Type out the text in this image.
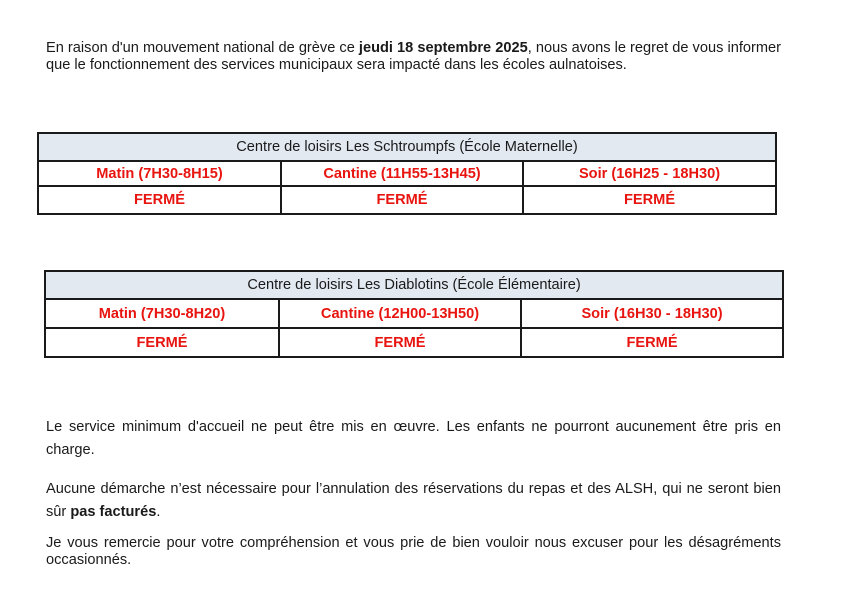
En raison d'un mouvement national de grève ce jeudi 18 septembre 2025, nous avons le regret de vous informer que le fonctionnement des services municipaux sera impacté dans les écoles aulnatoises.

Centre de loisirs Les Schtroumpfs (École Maternelle)		
Matin (7H30-8H15)	Cantine (11H55-13H45)	Soir (16H25 - 18H30)
FERMÉ	FERMÉ	FERMÉ
Centre de loisirs Les Diablotins (École Élémentaire)		
Matin (7H30-8H20)	Cantine (12H00-13H50)	Soir (16H30 - 18H30)
FERMÉ	FERMÉ	FERMÉ

Le service minimum d'accueil ne peut être mis en œuvre. Les enfants ne pourront aucunement être pris en charge.

Aucune démarche n’est nécessaire pour l’annulation des réservations du repas et des ALSH, qui ne seront bien sûr pas facturés.

Je vous remercie pour votre compréhension et vous prie de bien vouloir nous excuser pour les désagréments occasionnés.
